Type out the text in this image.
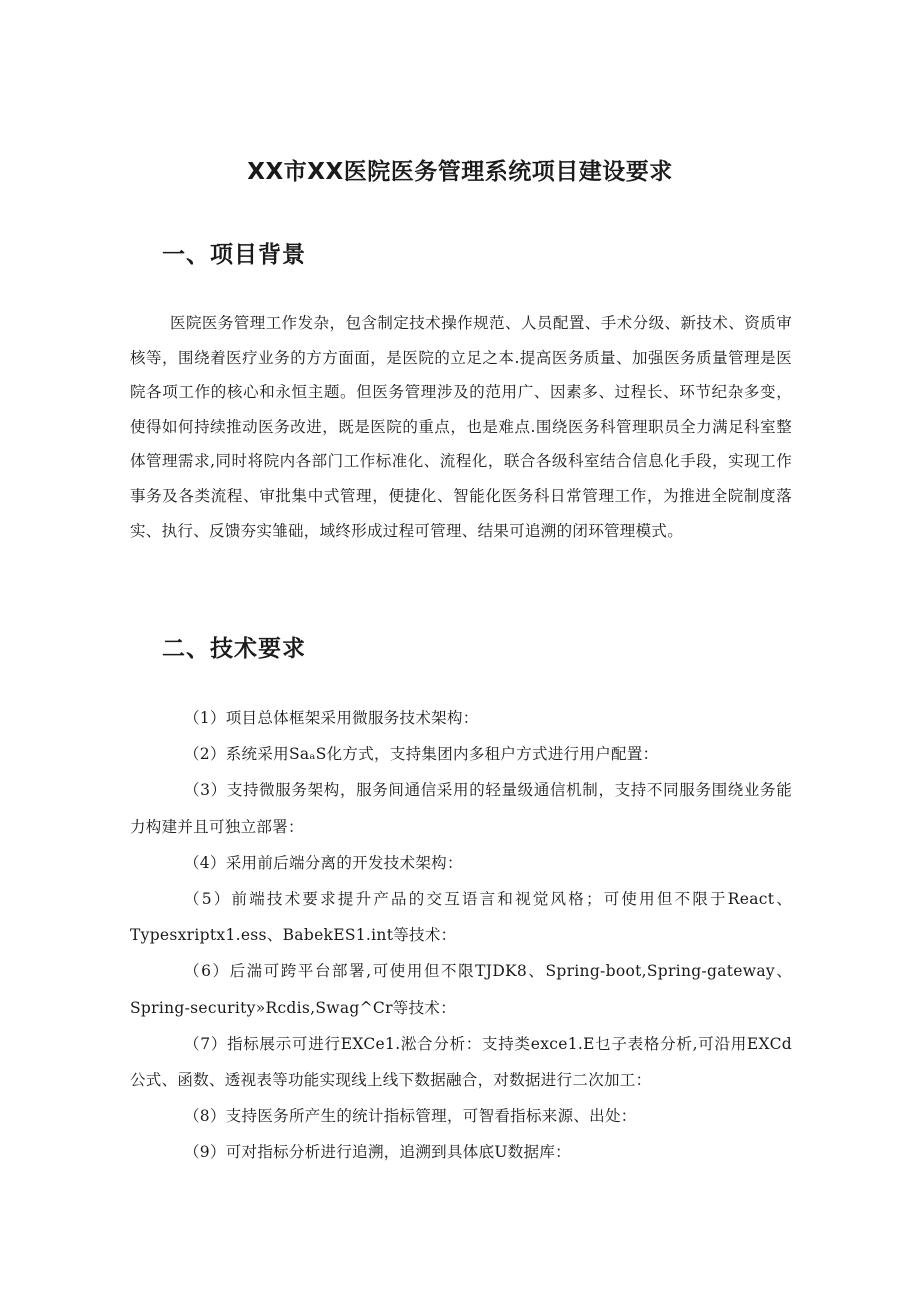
XX市XX医院医务管理系统项目建设要求
一、项目背景

医院医务管理工作发杂，包含制定技术操作规范、人员配置、手术分级、新技术、资质审核等，围绕着医疗业务的方方面面，是医院的立足之本.提高医务质量、加强医务质量管理是医院各项工作的核心和永恒主题。但医务管理涉及的范用广、因素多、过程长、环节纪杂多变，使得如何持续推动医务改进，既是医院的重点，也是难点.围绕医务科管理职员全力满足科室整体管理需求,同时将院内各部门工作标准化、流程化，联合各级科室结合信息化手段，实现工作事务及各类流程、审批集中式管理，便捷化、智能化医务科日常管理工作，为推进全院制度落实、执行、反馈夯实雏础，域终形成过程可管理、结果可追溯的闭环管理模式。

二、技术要求
（1）项目总体框架采用微服务技术架构：
（2）系统采用SaₐS化方式，支持集团内多租户方式进行用户配置：
（3）支持微服务架构，服务间通信采用的轻量级通信机制，支持不同服务围绕业务能力构建并且可独立部署：
（4）采用前后端分离的开发技术架构：
（5）前端技术要求提升产品的交互语言和视觉风格；可使用但不限于React、Typesxriptx1.ess、BabekES1.int等技术：
（6）后湍可跨平台部署,可使用但不限TJDK8、Spring-boot,Spring-gateway、Spring-security»Rcdis,Swag^Cr等技术：
（7）指标展示可进行EXCe1.淞合分析：支持类exce1.E乜子表格分析,可沿用EXCd公式、函数、透视表等功能实现线上线下数据融合，对数据进行二次加工：
（8）支持医务所产生的统计指标管理，可智看指标来源、出处：
（9）可对指标分析进行追溯，追溯到具体底U数据库：
